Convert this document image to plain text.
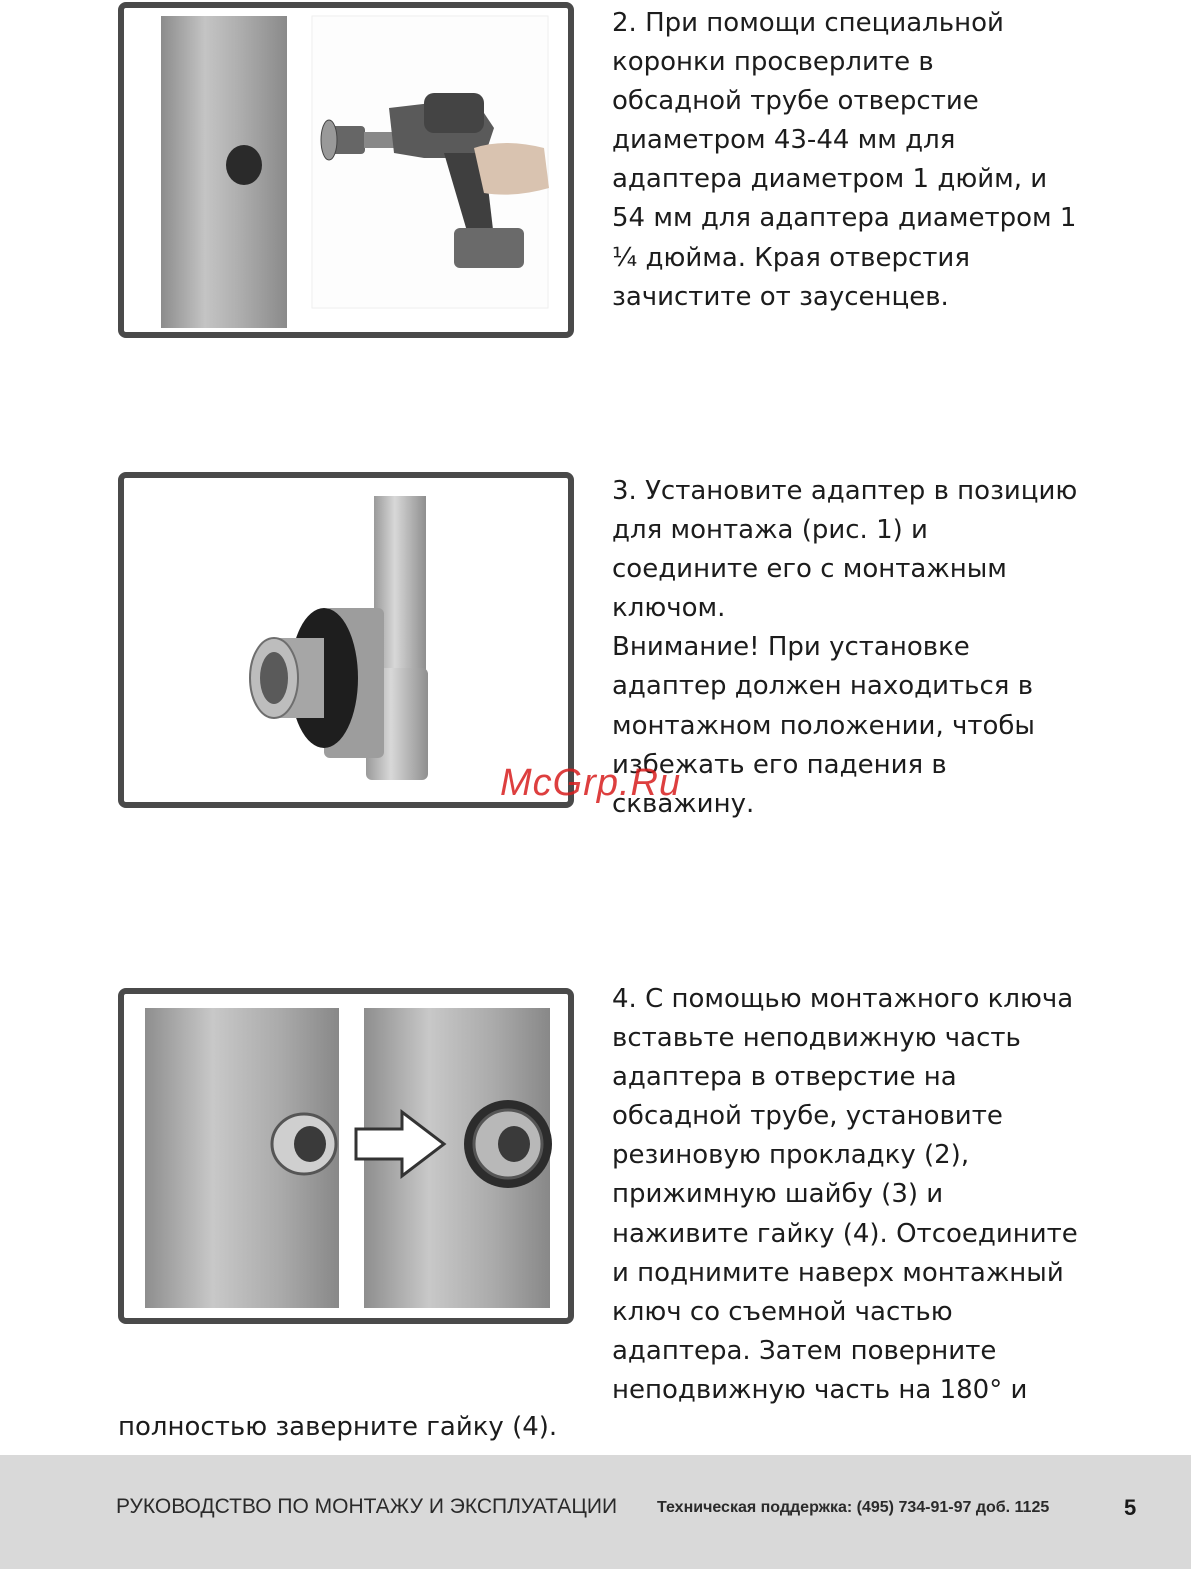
2. При помощи специальной
коронки просверлите в
обсадной трубе отверстие
диаметром 43-44 мм для
адаптера диаметром 1 дюйм, и
54 мм для адаптера диаметром 1
¼ дюйма. Края отверстия
зачистите от заусенцев.
3. Установите адаптер в позицию
для монтажа (рис. 1) и
соедините его с монтажным
ключом.
Внимание! При установке
адаптер должен находиться в
монтажном положении, чтобы
избежать его падения в
скважину.
4. С помощью монтажного ключа
вставьте неподвижную часть
адаптера в отверстие на
обсадной трубе, установите
резиновую прокладку (2),
прижимную шайбу (3) и
наживите гайку (4). Отсоедините
и поднимите наверх монтажный
ключ со съемной частью
адаптера. Затем поверните
неподвижную часть на 180° и
полностью заверните гайку (4).
McGrp.Ru
РУКОВОДСТВО ПО МОНТАЖУ И ЭКСПЛУАТАЦИИ Техническая поддержка: (495) 734-91-97 доб. 1125	5
